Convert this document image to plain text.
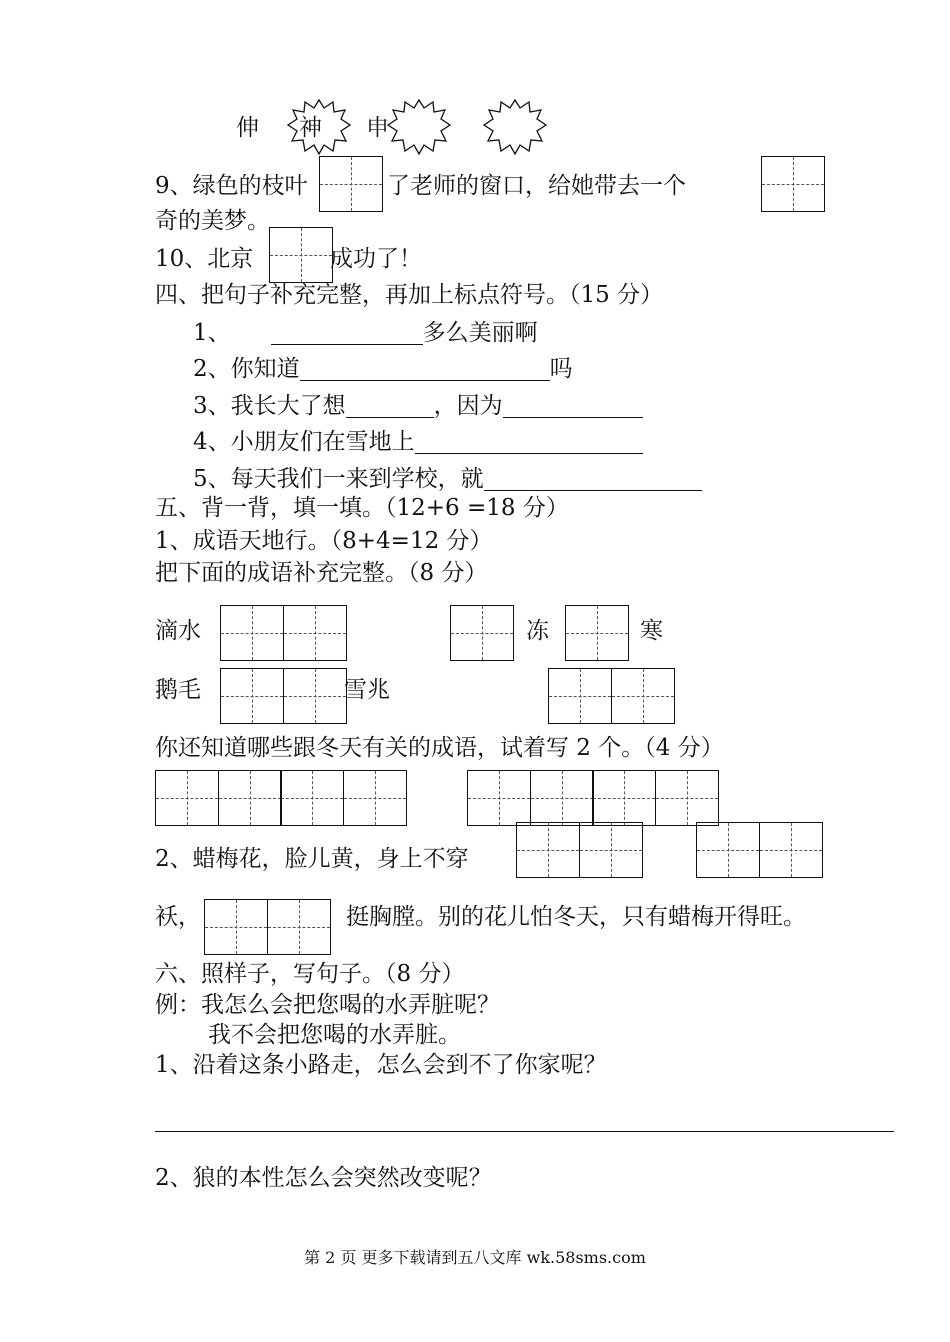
伸 神 申
9、绿色的枝叶	了老师的窗口，给她带去一个
奇的美梦。
10、北京	成功了！
四、把句子补充完整，再加上标点符号。（15 分）
1、	多么美丽啊
2、你知道	吗
3、我长大了想	，因为
4、小朋友们在雪地上
5、每天我们一来到学校，就
五、背一背，填一填。（12+6 =18 分）
1、成语天地行。（8+4=12 分）
把下面的成语补充完整。（8 分）
滴水	冻	寒
鹅毛	雪兆
你还知道哪些跟冬天有关的成语，试着写 2 个。（4 分）
2、蜡梅花，脸儿黄，身上不穿
袄，	挺胸膛。别的花儿怕冬天，只有蜡梅开得旺。
六、照样子，写句子。（8 分）
例：我怎么会把您喝的水弄脏呢？
我不会把您喝的水弄脏。
1、沿着这条小路走，怎么会到不了你家呢？
2、狼的本性怎么会突然改变呢？
第 2 页 更多下载请到五八文库 wk.58sms.com
